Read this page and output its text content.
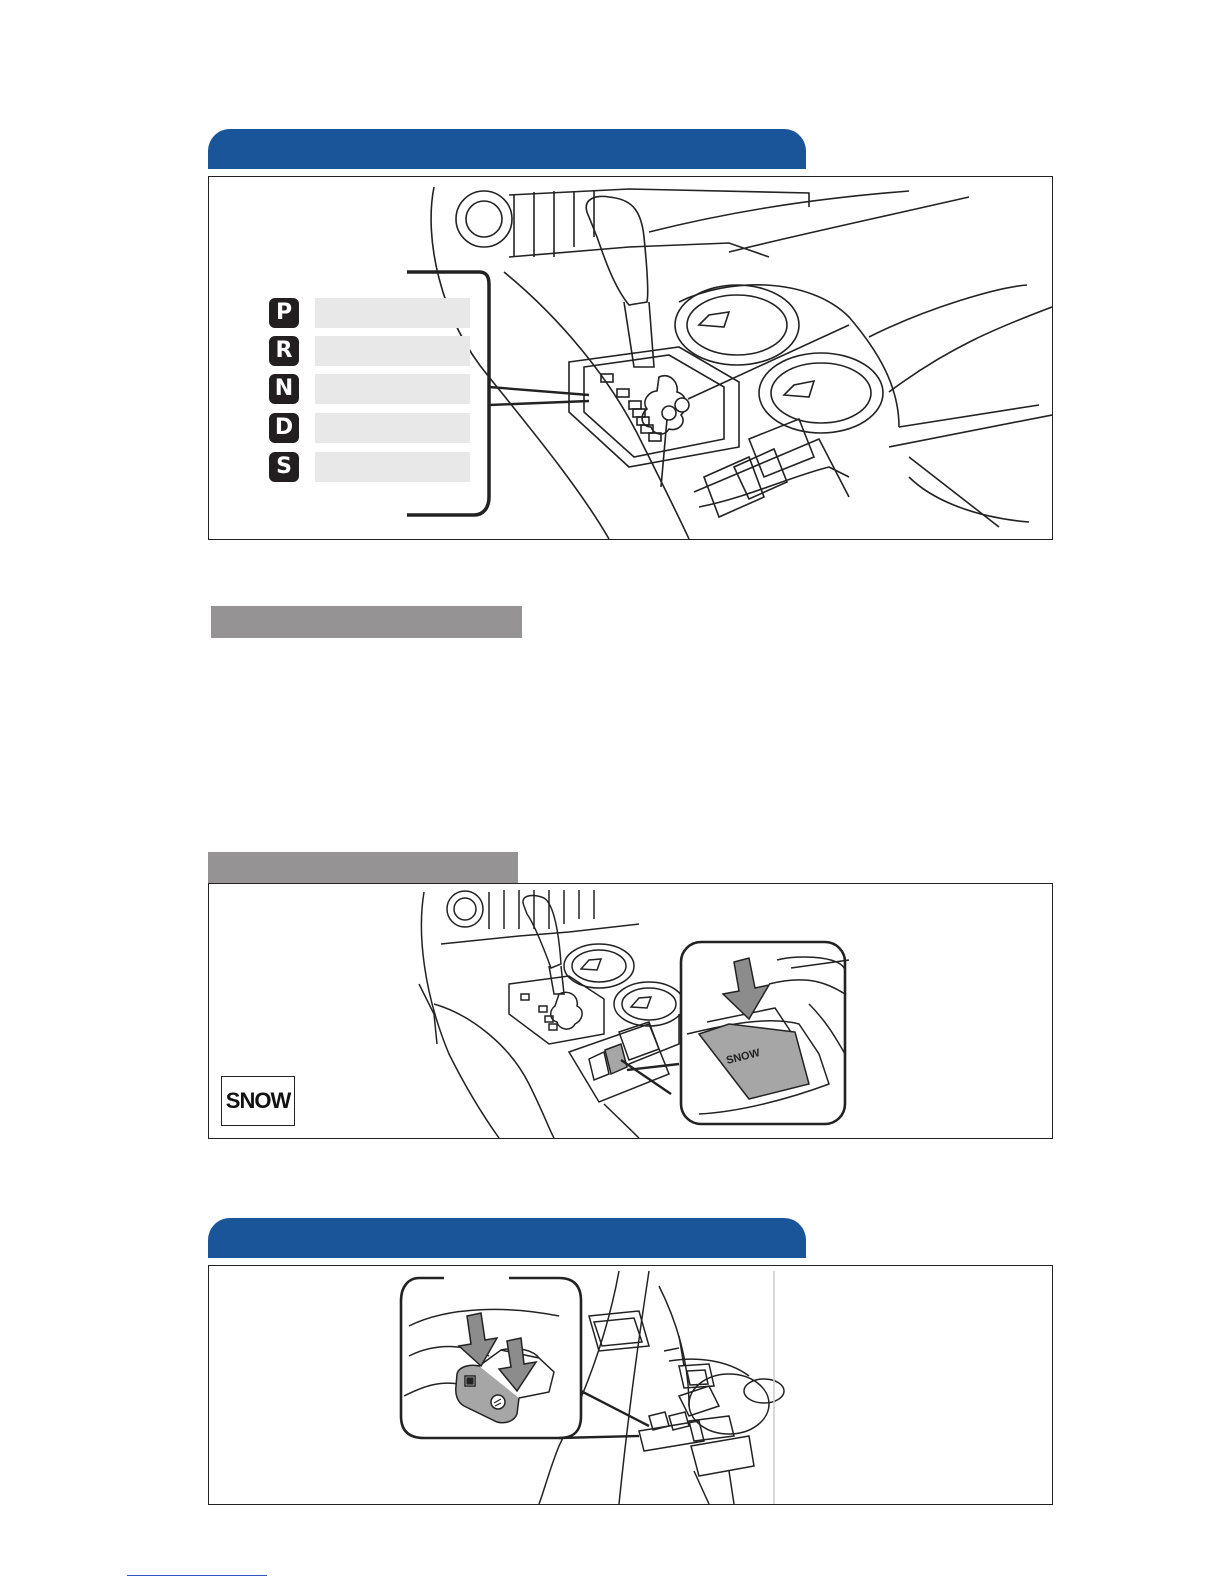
P
R
N
D
S
SNOW
SNOW
